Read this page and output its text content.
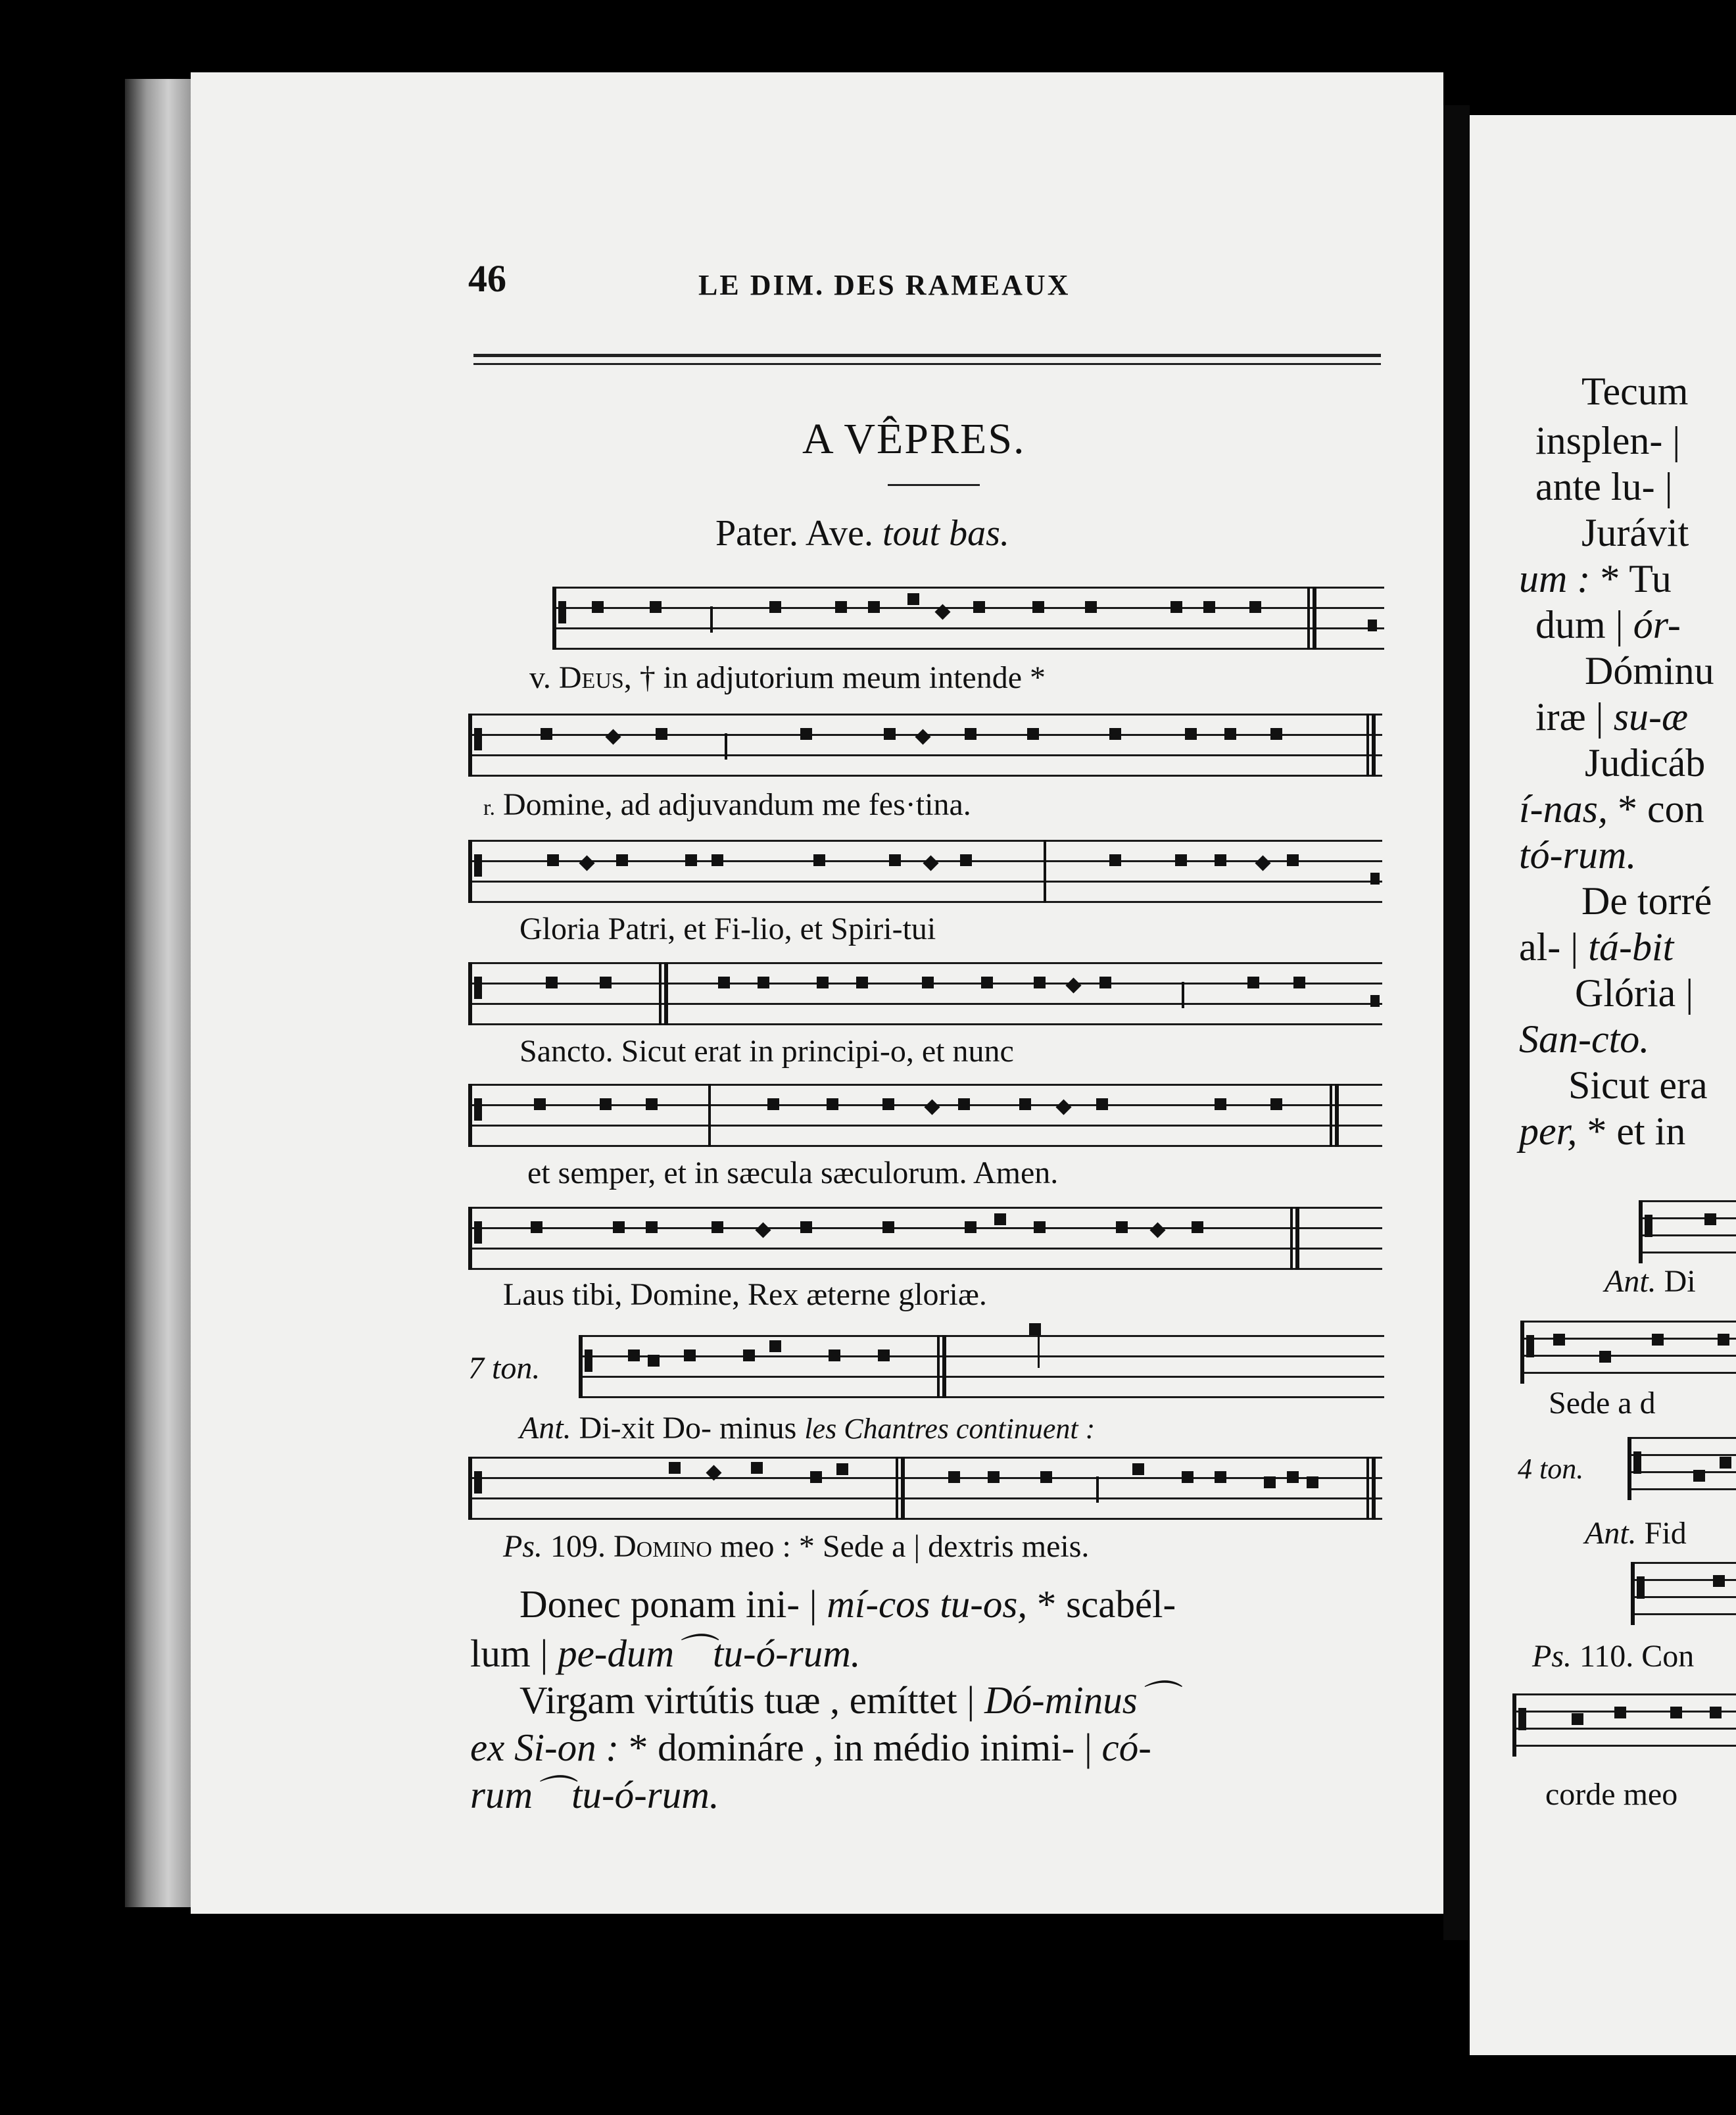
46	LE DIM. DES RAMEAUX
A VÊPRES.
Pater. Ave. tout bas.
v. Deus, † in adjutorium meum intende *
r. Domine, ad adjuvandum me fes·tina.
Gloria Patri, et Fi-lio, et Spiri-tui
Sancto. Sicut erat in principi-o, et nunc
et semper, et in sæcula sæculorum. Amen.
Laus tibi, Domine, Rex æterne gloriæ.
7 ton.
Ant. Di-xit Do- minus les Chantres continuent :
Ps. 109. Domino meo : * Sede a | dextris meis.
Donec ponam ini- | mí-cos tu-os, * scabél-
lum | pe-dum⌒tu-ó-rum.
Virgam virtútis tuæ , emíttet | Dó-minus⌒
ex Si-on : * domináre , in médio inimi- | có-
rum⌒tu-ó-rum.
Tecum
insplen- |
ante lu- |
Jurávit
um : * Tu
dum | ór-
Dóminu
iræ | su-æ
Judicáb
í-nas, * con
tó-rum.
De torré
al- | tá-bit
Glória |
San-cto.
Sicut era
per, * et in
Ant. Di
Sede a d
4 ton.
Ant. Fid
Ps. 110. Con
corde meo
